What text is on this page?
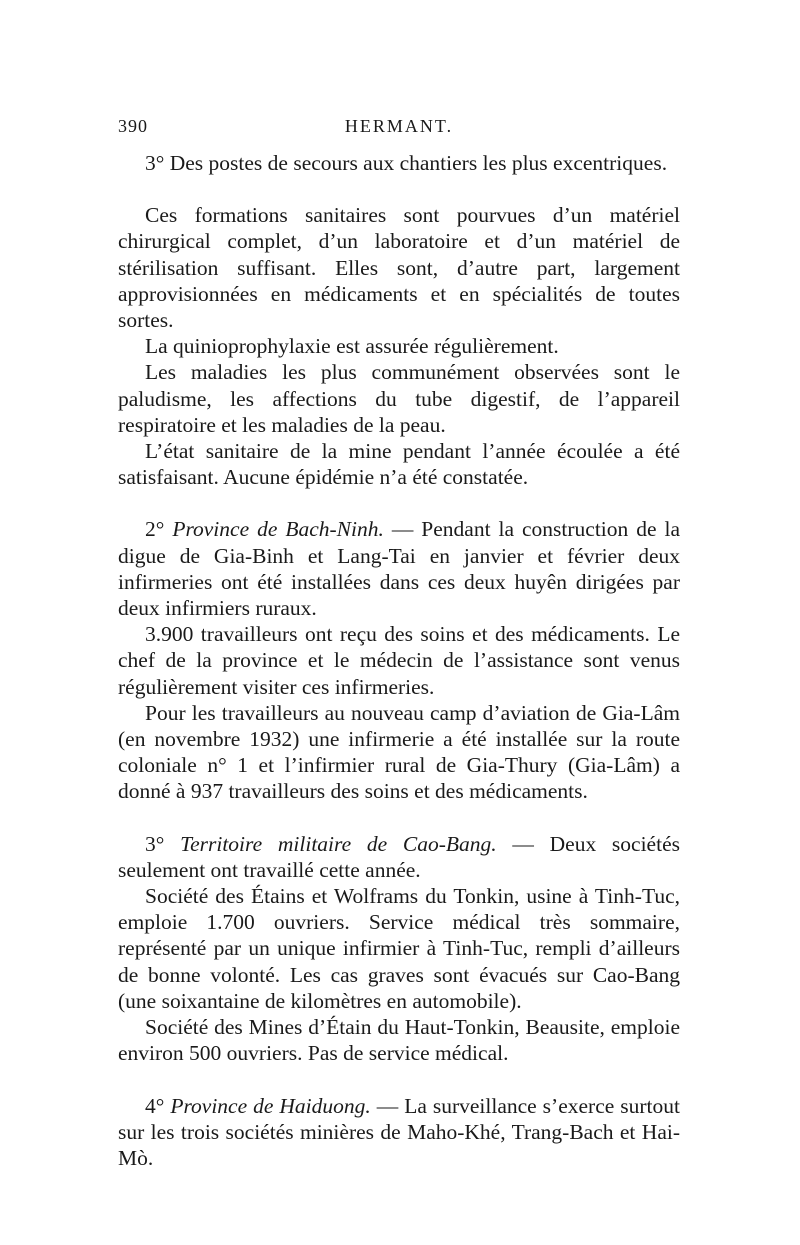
390	HERMANT.

3° Des postes de secours aux chantiers les plus excentriques.

Ces formations sanitaires sont pourvues d’un matériel chirurgical complet, d’un laboratoire et d’un matériel de stérilisation suffisant. Elles sont, d’autre part, largement approvisionnées en médicaments et en spécialités de toutes sortes.

La quinioprophylaxie est assurée régulièrement.

Les maladies les plus communément observées sont le paludisme, les affections du tube digestif, de l’appareil respiratoire et les maladies de la peau.

L’état sanitaire de la mine pendant l’année écoulée a été satisfaisant. Aucune épidémie n’a été constatée.

2° Province de Bach-Ninh. — Pendant la construction de la digue de Gia-Binh et Lang-Tai en janvier et février deux infirmeries ont été installées dans ces deux huyên dirigées par deux infirmiers ruraux.

3.900 travailleurs ont reçu des soins et des médicaments. Le chef de la province et le médecin de l’assistance sont venus régulièrement visiter ces infirmeries.

Pour les travailleurs au nouveau camp d’aviation de Gia-Lâm (en novembre 1932) une infirmerie a été installée sur la route coloniale n° 1 et l’infirmier rural de Gia-Thury (Gia-Lâm) a donné à 937 travailleurs des soins et des médicaments.

3° Territoire militaire de Cao-Bang. — Deux sociétés seulement ont travaillé cette année.

Société des Étains et Wolframs du Tonkin, usine à Tinh-Tuc, emploie 1.700 ouvriers. Service médical très sommaire, représenté par un unique infirmier à Tinh-Tuc, rempli d’ailleurs de bonne volonté. Les cas graves sont évacués sur Cao-Bang (une soixantaine de kilomètres en automobile).

Société des Mines d’Étain du Haut-Tonkin, Beausite, emploie environ 500 ouvriers. Pas de service médical.

4° Province de Haiduong. — La surveillance s’exerce surtout sur les trois sociétés minières de Maho-Khé, Trang-Bach et Hai-Mò.
